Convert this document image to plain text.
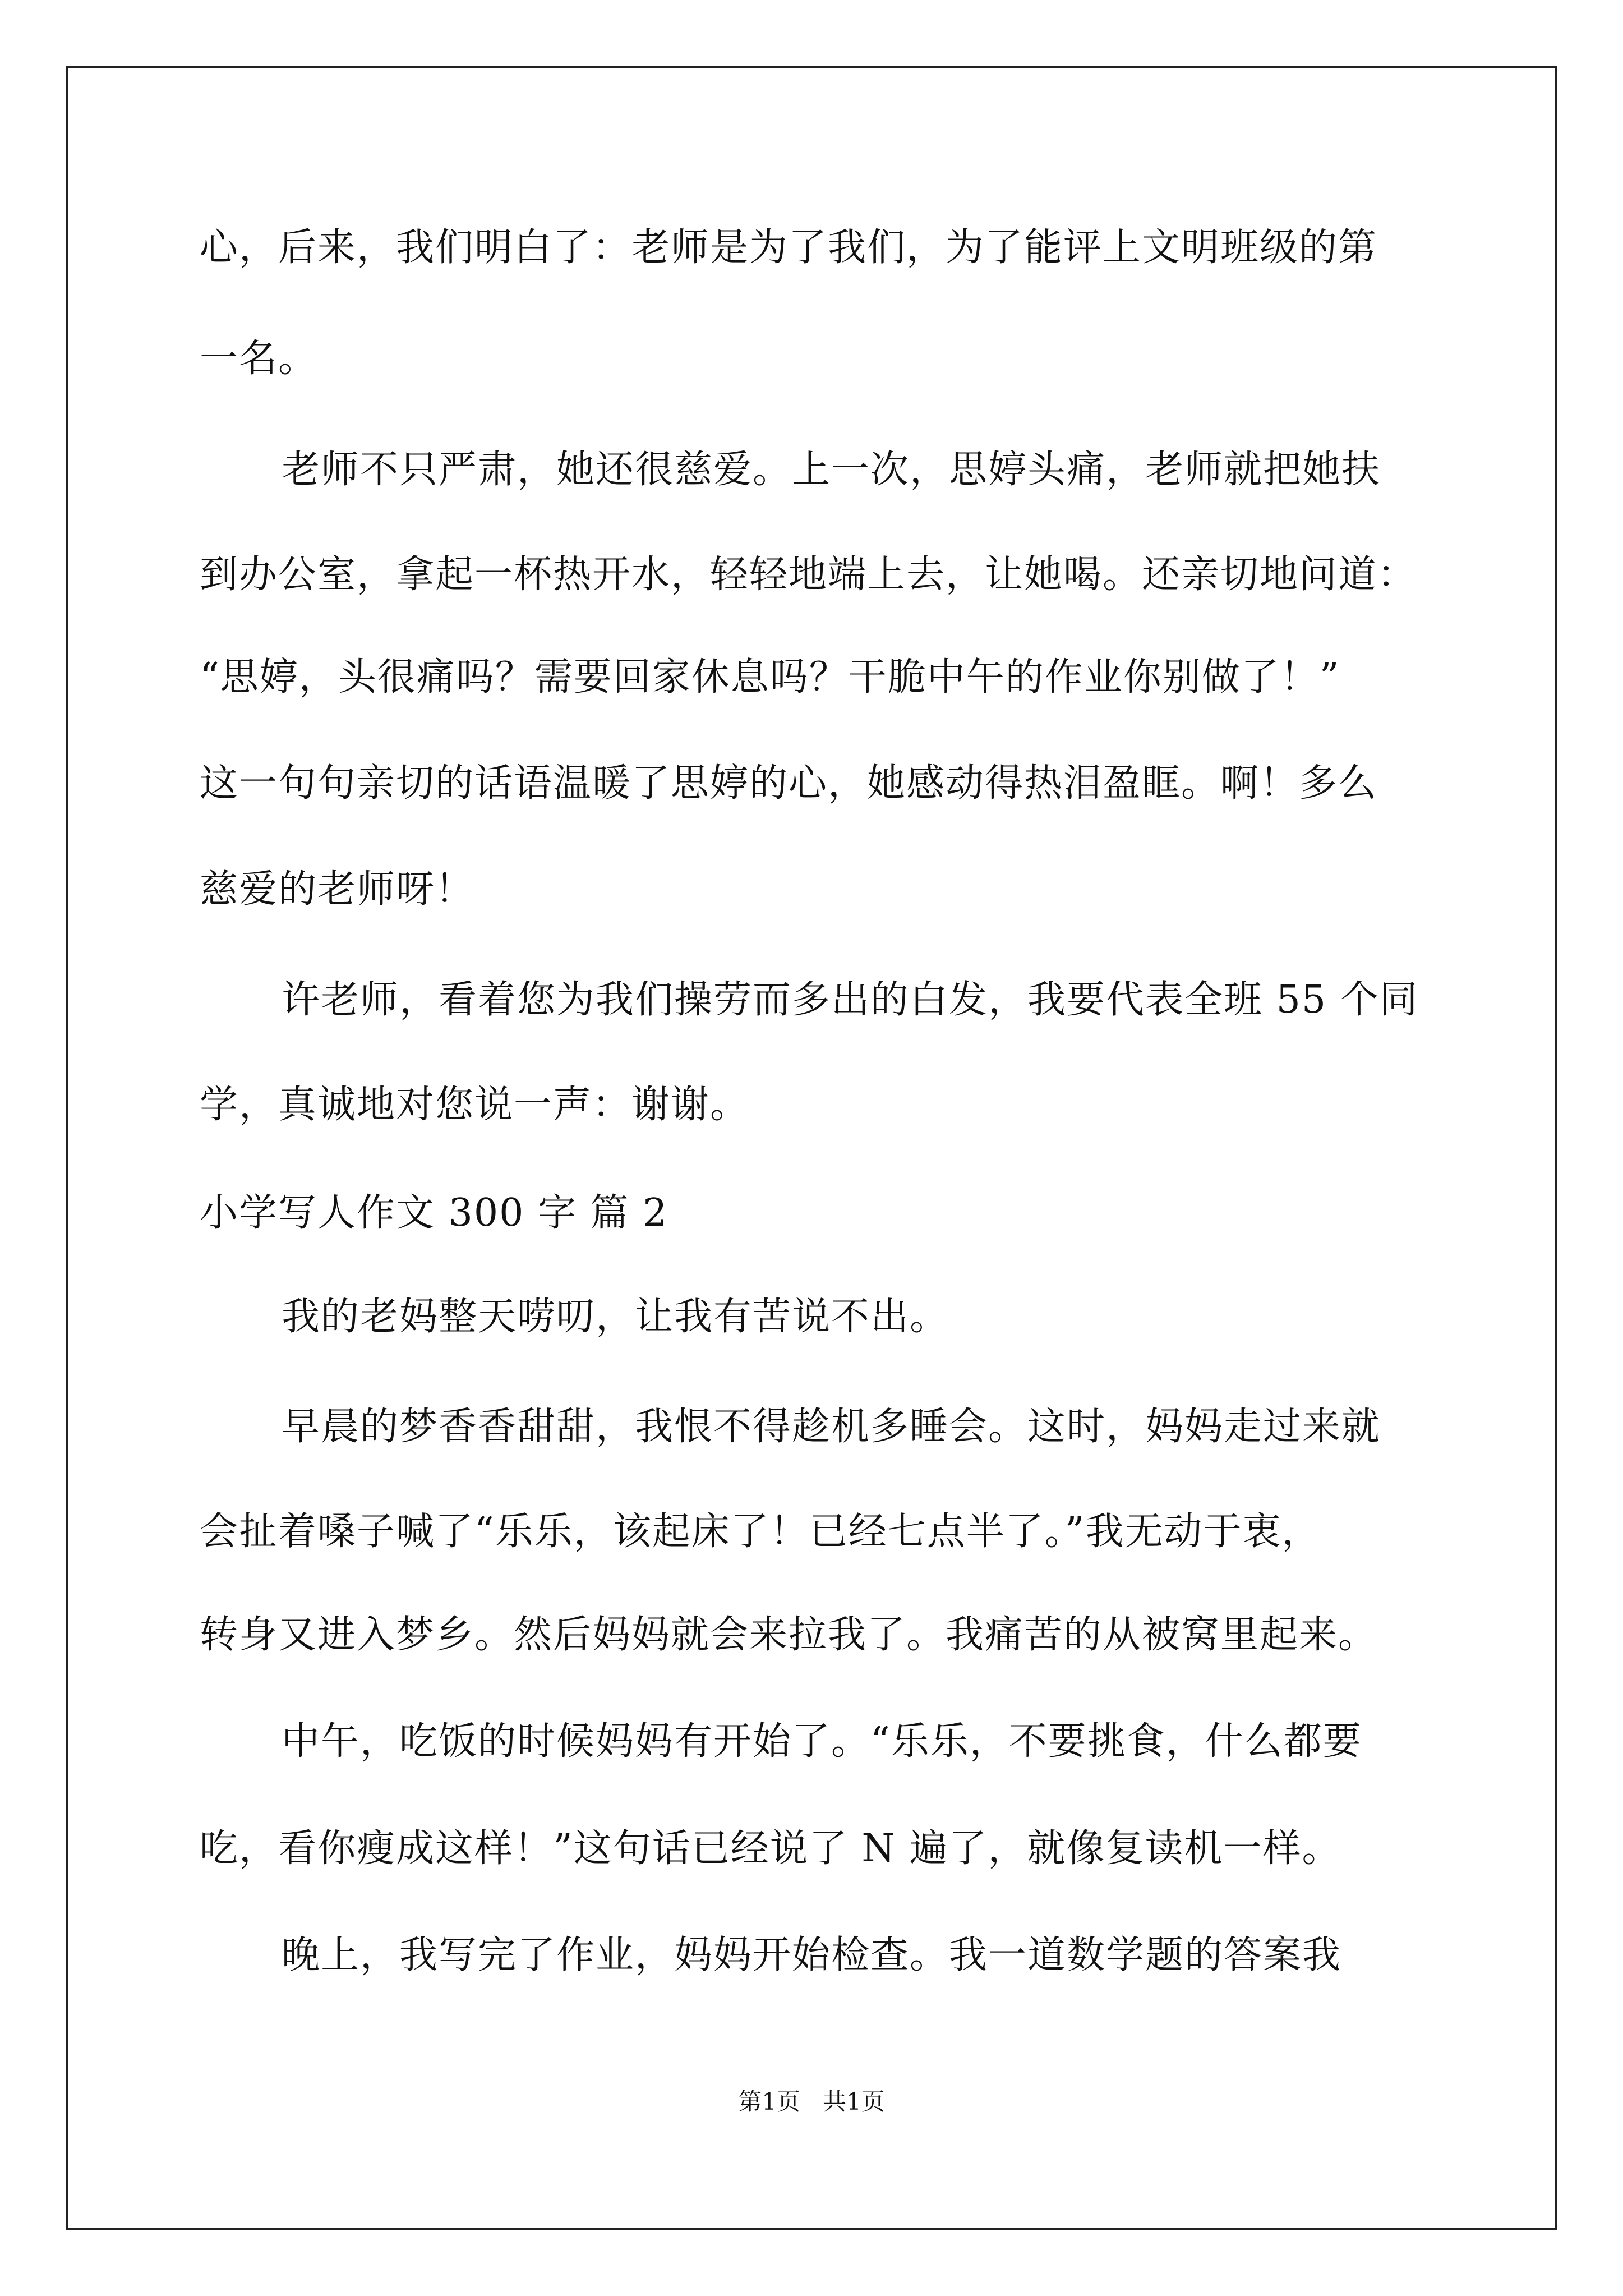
心，后来，我们明白了：老师是为了我们，为了能评上文明班级的第
一名。
老师不只严肃，她还很慈爱。上一次，思婷头痛，老师就把她扶
到办公室，拿起一杯热开水，轻轻地端上去，让她喝。还亲切地问道：
“思婷，头很痛吗？需要回家休息吗？干脆中午的作业你别做了！”
这一句句亲切的话语温暖了思婷的心，她感动得热泪盈眶。啊！多么
慈爱的老师呀！
许老师，看着您为我们操劳而多出的白发，我要代表全班 55 个同
学，真诚地对您说一声：谢谢。
小学写人作文 300 字 篇 2
我的老妈整天唠叨，让我有苦说不出。
早晨的梦香香甜甜，我恨不得趁机多睡会。这时，妈妈走过来就
会扯着嗓子喊了“乐乐，该起床了！已经七点半了。”我无动于衷，
转身又进入梦乡。然后妈妈就会来拉我了。我痛苦的从被窝里起来。
中午，吃饭的时候妈妈有开始了。“乐乐，不要挑食，什么都要
吃，看你瘦成这样！”这句话已经说了 N 遍了，就像复读机一样。
晚上，我写完了作业，妈妈开始检查。我一道数学题的答案我
第1页   共1页
